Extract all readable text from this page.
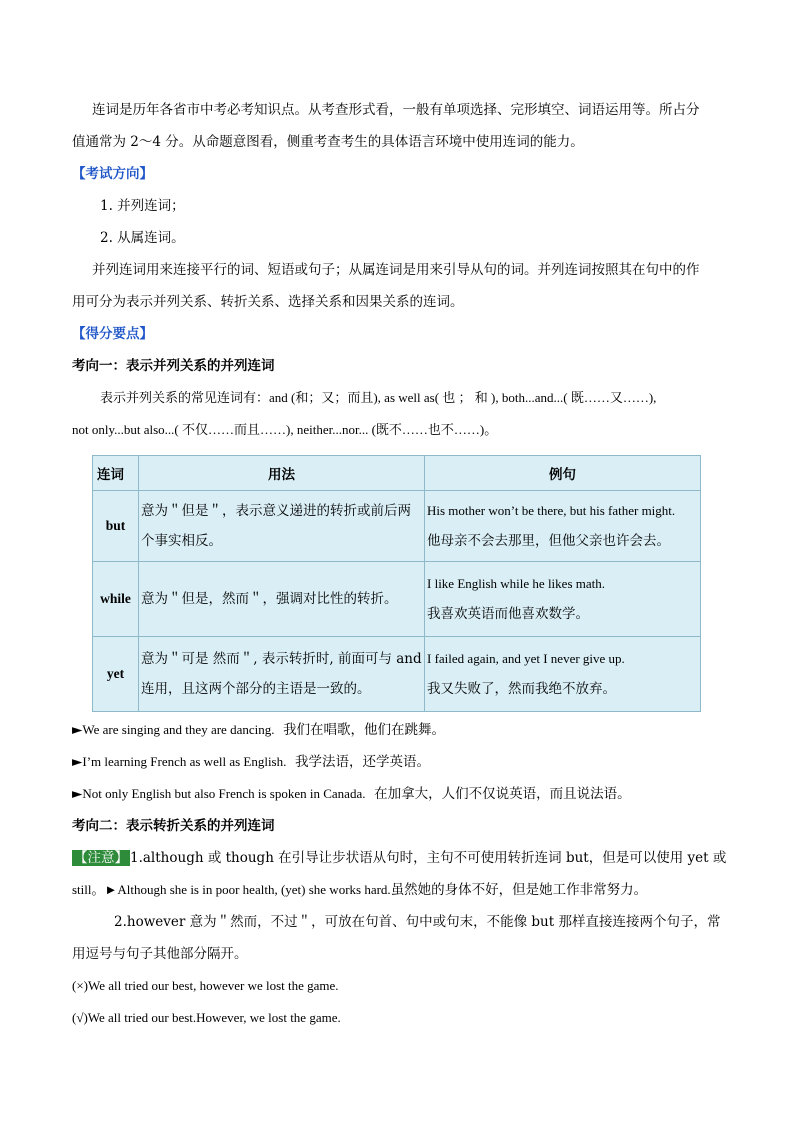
连词是历年各省市中考必考知识点。从考查形式看，一般有单项选择、完形填空、词语运用等。所占分
值通常为 2～4 分。从命题意图看，侧重考查考生的具体语言环境中使用连词的能力。
【考试方向】
1. 并列连词；
2. 从属连词。
并列连词用来连接平行的词、短语或句子；从属连词是用来引导从句的词。并列连词按照其在句中的作
用可分为表示并列关系、转折关系、选择关系和因果关系的连词。
【得分要点】
考向一：表示并列关系的并列连词
表示并列关系的常见连词有：and (和；又；而且), as well as( 也 ； 和 ), both...and...( 既……又……),
not only...but also...( 不仅……而且……), neither...nor... (既不……也不……)。
连词	用法	例句
but	意为＂但是＂，表示意义递进的转折或前后两
个事实相反。	His mother won’t be there, but his father might.
他母亲不会去那里，但他父亲也许会去。

while	意为＂但是，然而＂，强调对比性的转折。	I like English while he likes math.
我喜欢英语而他喜欢数学。

yet	意为＂可是 然而＂, 表示转折时, 前面可与 and
连用，且这两个部分的主语是一致的。	I failed again, and yet I never give up.
我又失败了，然而我绝不放弃。
►We are singing and they are dancing. 我们在唱歌，他们在跳舞。
►I’m learning French as well as English. 我学法语，还学英语。
►Not only English but also French is spoken in Canada. 在加拿大，人们不仅说英语，而且说法语。
考向二：表示转折关系的并列连词
【注意】 1.although 或 though 在引导让步状语从句时，主句不可使用转折连词 but，但是可以使用 yet 或
still。►Although she is in poor health, (yet) she works hard.虽然她的身体不好，但是她工作非常努力。
2.however 意为＂然而，不过＂，可放在句首、句中或句末，不能像 but 那样直接连接两个句子，常
用逗号与句子其他部分隔开。
(×)We all tried our best, however we lost the game.
(√)We all tried our best.However, we lost the game.
